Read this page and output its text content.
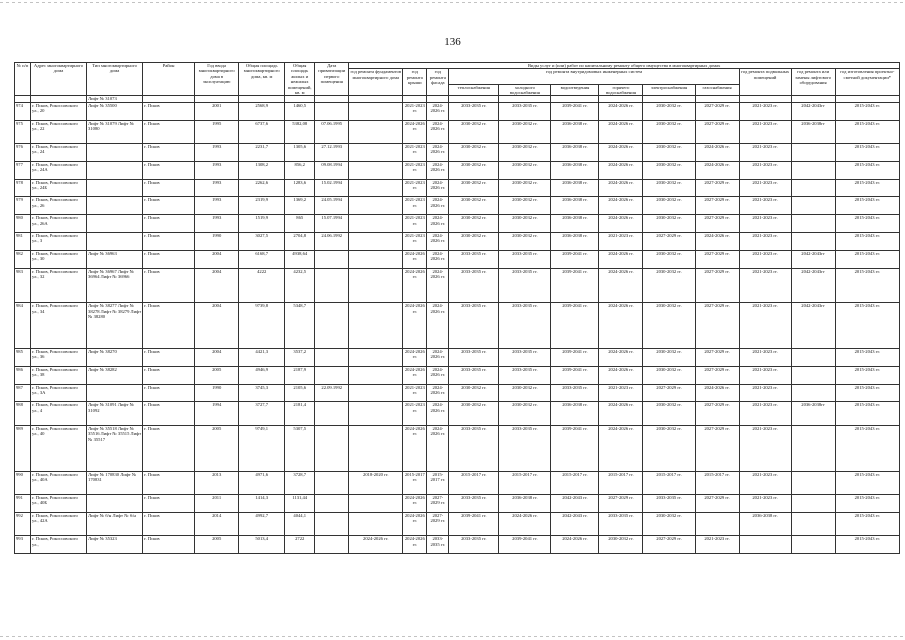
136
№ п/п	Адрес многоквартирного дома	Тип многоквартирного дома	Район	Год ввода многоквартирного дома в эксплуатацию	Общая площадь многоквартирного дома, кв. м	Общая площадь жилых и нежилых помещений, кв. м	Дата приватизации первого помещения	Виды услуг и (или) работ по капитальному ремонту общего имущества в многоквартирных домах											
								год ремонта фундаментов многоквартирного дома	год ремонта крыши	год ремонта фасада	год ремонта внутридомовых инженерных систем						год ремонта подвальных помещений	год ремонта или замены лифтового оборудования	год изготовления проектно-сметной документации*
											теплоснабжения	холодного водоснабжения	водоотведения	горячего водоснабжения	электроснабжения	газоснабжения			
		Лифт № 31073																	
974	г. Псков, Рокоссовского ул., 20	Лифт № 35500	г. Псков	2001	2568,9	1460,5			2021-2023 гг.	2024-2026 гг.	2033-2035 гг.	2033-2035 гг.	2039-2041 гг.	2024-2026 гг.	2030-2032 гг.	2027-2029 гг.	2021-2023 гг.	2042-2043гг	2015-2043 гг.
975	г. Псков, Рокоссовского ул., 22	Лифт № 31079 Лифт № 31080	г. Псков	1995	6737,6	5382,08	07.06.1995		2024-2026 гг.	2024-2026 гг.	2030-2032 гг.	2030-2032 гг.	2036-2038 гг.	2024-2026 гг.	2030-2032 гг.	2027-2029 гг.	2021-2023 гг.	2036-2038гг	2015-2043 гг.
976	г. Псков, Рокоссовского ул., 24		г. Псков	1993	2231,7	1305,6	27.12.1993		2021-2023 гг.	2024-2026 гг.	2030-2032 гг.	2030-2032 гг.	2036-2038 гг.	2024-2026 гг.	2030-2032 гг.	2024-2026 гг.	2021-2023 гг.		2015-2043 гг.
977	г. Псков, Рокоссовского ул., 24А		г. Псков	1993	1308,2	856,2	09.08.1994		2021-2023 гг.	2024-2026 гг.	2030-2032 гг.	2030-2032 гг.	2036-2038 гг.	2024-2026 гг.	2030-2032 гг.	2024-2026 гг.	2021-2023 гг.		2015-2043 гг.
978	г. Псков, Рокоссовского ул., 24Б		г. Псков	1993	2262,6	1283,6	15.02.1994		2021-2023 гг.	2024-2026 гг.	2030-2032 гг.	2030-2032 гг.	2036-2038 гг.	2024-2026 гг.	2030-2032 гг.	2027-2029 гг.	2021-2023 гг.		2015-2043 гг.
979	г. Псков, Рокоссовского ул., 26		г. Псков	1993	2319,9	1369,2	24.05.1994		2021-2023 гг.	2024-2026 гг.	2030-2032 гг.	2030-2032 гг.	2036-2038 гг.	2024-2026 гг.	2030-2032 гг.	2027-2029 гг.	2021-2023 гг.		2015-2043 гг.
980	г. Псков, Рокоссовского ул., 26А		г. Псков	1993	1519,9	865	15.07.1994		2021-2023 гг.	2024-2026 гг.	2030-2032 гг.	2030-2032 гг.	2036-2038 гг.	2024-2026 гг.	2030-2032 гг.	2027-2029 гг.	2021-2023 гг.		2015-2043 гг.
981	г. Псков, Рокоссовского ул., 3		г. Псков	1990	3027,5	2704,8	24.06.1992		2021-2023 гг.	2024-2026 гг.	2030-2032 гг.	2030-2032 гг.	2036-2038 гг.	2021-2023 гг.	2027-2029 гг.	2024-2026 гг.	2021-2023 гг.		2015-2043 гг.
982	г. Псков, Рокоссовского ул., 30	Лифт № 36963	г. Псков	2004	6168,7	4938,64			2024-2026 гг.	2024-2026 гг.	2033-2035 гг.	2033-2035 гг.	2039-2041 гг.	2024-2026 гг.	2030-2032 гг.	2027-2029 гг.	2021-2023 гг.	2042-2043гг	2015-2043 гг.
983	г. Псков, Рокоссовского ул., 32	Лифт № 36967 Лифт № 36964 Лифт № 36966	г. Псков	2004	4222	4232,5			2024-2026 гг.	2024-2026 гг.	2033-2035 гг.	2033-2035 гг.	2039-2041 гг.	2024-2026 гг.	2030-2032 гг.	2027-2029 гг.	2021-2023 гг.	2042-2043гг	2015-2043 гг.
984	г. Псков, Рокоссовского ул., 34	Лифт № 38277 Лифт № 38278 Лифт № 38279 Лифт № 38280	г. Псков	2004	9739,8	5348,7			2024-2026 гг.	2024-2026 гг.	2033-2035 гг.	2033-2035 гг.	2039-2041 гг.	2024-2026 гг.	2030-2032 гг.	2027-2029 гг.	2021-2023 гг.	2042-2043гг	2015-2043 гг.
985	г. Псков, Рокоссовского ул., 36	Лифт № 38270	г. Псков	2004	4421,3	3537,2			2024-2026 гг.	2024-2026 гг.	2033-2035 гг.	2033-2035 гг.	2039-2041 гг.	2024-2026 гг.	2030-2032 гг.	2027-2029 гг.	2021-2023 гг.		2015-2043 гг.
986	г. Псков, Рокоссовского ул., 38	Лифт № 38282	г. Псков	2005	4946,9	2187,9			2024-2026 гг.	2024-2026 гг.	2033-2035 гг.	2033-2035 гг.	2039-2041 гг.	2024-2026 гг.	2030-2032 гг.	2027-2029 гг.	2021-2023 гг.		2015-2043 гг.
987	г. Псков, Рокоссовского ул., 3А		г. Псков	1990	3745,3	2105,6	22.09.1992		2021-2023 гг.	2024-2026 гг.	2030-2032 гг.	2030-2032 гг.	2033-2035 гг.	2021-2023 гг.	2027-2029 гг.	2024-2026 гг.	2021-2023 гг.		2015-2043 гг.
988	г. Псков, Рокоссовского ул., 4	Лифт № 31091 Лифт № 31092	г. Псков	1994	3727,7	2181,4			2021-2023 гг.	2024-2026 гг.	2030-2032 гг.	2030-2032 гг.	2036-2038 гг.	2024-2026 гг.	2030-2032 гг.	2027-2029 гг.	2021-2023 гг.	2036-2038гг	2015-2043 гг.
989	г. Псков, Рокоссовского ул., 40	Лифт № 35518 Лифт № 35516 Лифт № 35515 Лифт № 35517	г. Псков	2005	9749,1	5307,5			2024-2026 гг.	2024-2026 гг.	2033-2035 гг.	2033-2035 гг.	2039-2041 гг.	2024-2026 гг.	2030-2032 гг.	2027-2029 гг.	2021-2023 гг.		2015-2043 гг.
990	г. Псков, Рокоссовского ул., 40А	Лифт № 170830 Лифт № 170831	г. Псков	2013	4971,6	3728,7		2018-2020 гг.	2015-2017 гг.	2015-2017 гг.	2015-2017 гг.	2015-2017 гг.	2015-2017 гг.	2015-2017 гг.	2015-2017 гг.	2015-2017 гг.	2021-2023 гг.		2015-2043 гг.
991	г. Псков, Рокоссовского ул., 40Б		г. Псков	2011	1414,3	1131,44			2024-2026 гг.	2027-2029 гг.	2033-2035 гг.	2036-2038 гг.	2042-2043 гг.	2027-2029 гг.	2033-2035 гг.	2027-2029 гг.	2021-2023 гг.		2015-2043 гг.
992	г. Псков, Рокоссовского ул., 42А	Лифт № б/н Лифт № б/н	г. Псков	2014	4992,7	4044,1			2024-2026 гг.	2027-2029 гг.	2039-2041 гг.	2024-2026 гг.	2042-2043 гг.	2033-2035 гг.	2030-2032 гг.		2036-2038 гг.		2015-2043 гг.
993	г. Псков, Рокоссовского ул.,	Лифт № 35323	г. Псков	2005	5013,4	2722		2024-2026 гг.	2024-2026 гг.	2033-2035 гг.	2033-2035 гг.	2039-2041 гг.	2024-2026 гг.	2030-2032 гг.	2027-2029 гг.	2021-2023 гг.			2015-2043 гг.
